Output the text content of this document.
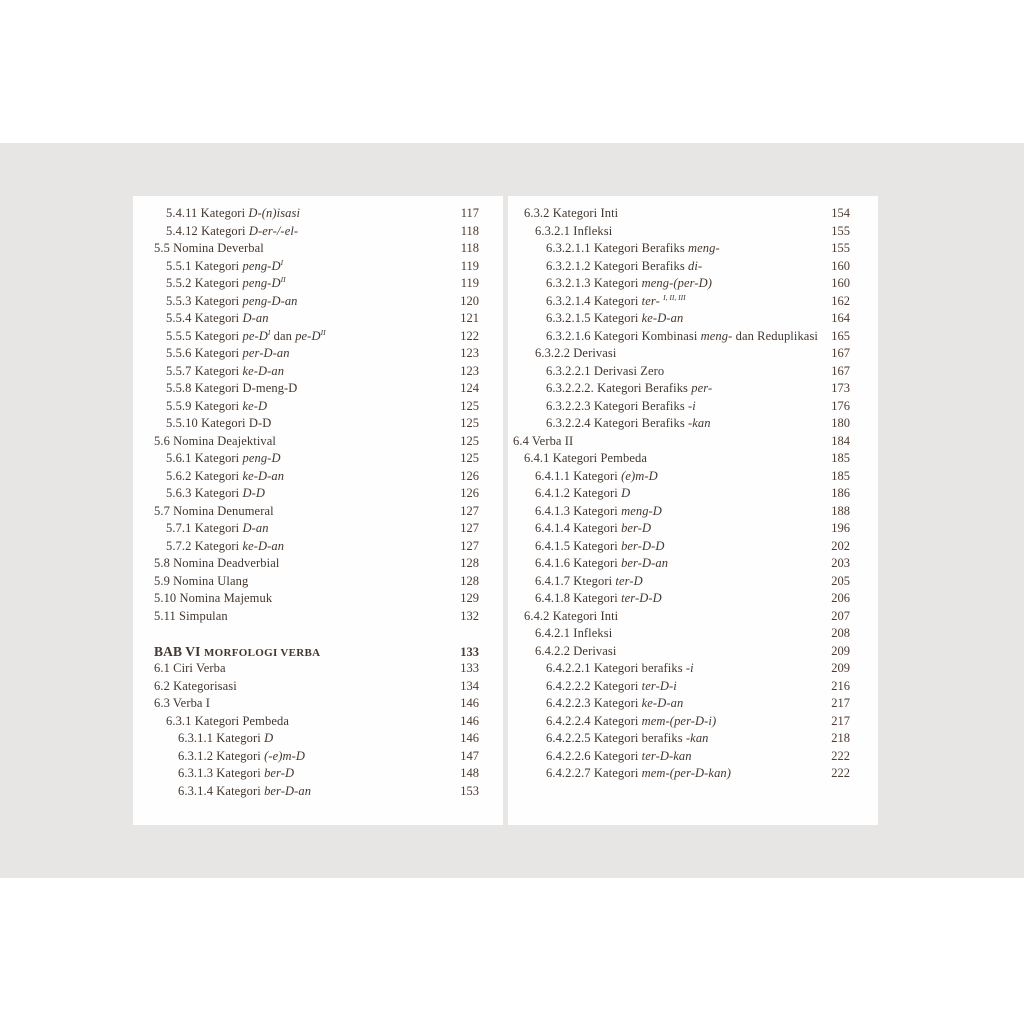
5.4.11 Kategori D-(n)isasi	117
5.4.12 Kategori D-er-/-el-	118
5.5 Nomina Deverbal	118
5.5.1 Kategori peng-$D^I$	119
5.5.2 Kategori peng-$D^{II}$	119
5.5.3 Kategori peng-D-an	120
5.5.4 Kategori D-an	121
5.5.5 Kategori $pe-D^I$ dan $pe-D^{II}$	122
5.5.6 Kategori per-D-an	123
5.5.7 Kategori ke-D-an	123
5.5.8 Kategori D-meng-D	124
5.5.9 Kategori ke-D	125
5.5.10 Kategori D-D	125
5.6 Nomina Deajektival	125
5.6.1 Kategori peng-D	125
5.6.2 Kategori ke-D-an	126
5.6.3 Kategori D-D	126
5.7 Nomina Denumeral	127
5.7.1 Kategori D-an	127
5.7.2 Kategori ke-D-an	127
5.8 Nomina Deadverbial	128
5.9 Nomina Ulang	128
5.10 Nomina Majemuk	129
5.11 Simpulan	132
BAB VI MORFOLOGI VERBA	133
6.1 Ciri Verba	133
6.2 Kategorisasi	134
6.3 Verba I	146
6.3.1 Kategori Pembeda	146
6.3.1.1 Kategori D	146
6.3.1.2 Kategori (-e)m-D	147
6.3.1.3 Kategori ber-D	148
6.3.1.4 Kategori ber-D-an	153
6.3.2 Kategori Inti	154
6.3.2.1 Infleksi	155
6.3.2.1.1 Kategori Berafiks meng-	155
6.3.2.1.2 Kategori Berafiks di-	160
6.3.2.1.3 Kategori meng-(per-D)	160
6.3.2.1.4 Kategori ter- $^{I, II, III}$	162
6.3.2.1.5 Kategori ke-D-an	164
6.3.2.1.6 Kategori Kombinasi meng- dan Reduplikasi	165
6.3.2.2 Derivasi	167
6.3.2.2.1 Derivasi Zero	167
6.3.2.2.2. Kategori Berafiks per-	173
6.3.2.2.3 Kategori Berafiks -i	176
6.3.2.2.4 Kategori Berafiks -kan	180
6.4 Verba II	184
6.4.1 Kategori Pembeda	185
6.4.1.1 Kategori (e)m-D	185
6.4.1.2 Kategori D	186
6.4.1.3 Kategori meng-D	188
6.4.1.4 Kategori ber-D	196
6.4.1.5 Kategori ber-D-D	202
6.4.1.6 Kategori ber-D-an	203
6.4.1.7 Ktegori ter-D	205
6.4.1.8 Kategori ter-D-D	206
6.4.2 Kategori Inti	207
6.4.2.1 Infleksi	208
6.4.2.2 Derivasi	209
6.4.2.2.1 Kategori berafiks -i	209
6.4.2.2.2 Kategori ter-D-i	216
6.4.2.2.3 Kategori ke-D-an	217
6.4.2.2.4 Kategori mem-(per-D-i)	217
6.4.2.2.5 Kategori berafiks -kan	218
6.4.2.2.6 Kategori ter-D-kan	222
6.4.2.2.7 Kategori mem-(per-D-kan)	222
